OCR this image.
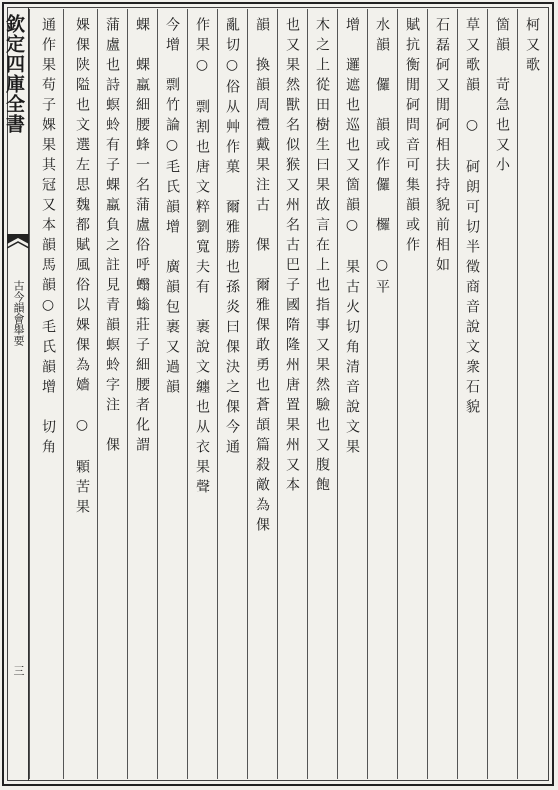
欽定四庫全書
古今韻會舉要
三
柯又歌
箇韻　苛急也又小
草又歌韻　○　砢朗可切半徵商音說文衆石貌
石磊砢又閒砢相扶持貌前相如
賦抗衡閒砢問音可集韻或作
水韻　儸　韻或作儸　欏　○平
增　邏遮也巡也又箇韻○　果古火切角清音說文果
木之上從田樹生曰果故言在上也指事又果然驗也又腹飽
也又果然獸名似猴又州名古巴子國隋隆州唐置果州又本
韻　換韻周禮戴果注古　倮　爾雅倮敢勇也蒼頡篇殺敵為倮
亂切○俗从艸作菓　爾雅勝也孫炎曰倮決之倮今通
作果○　剽割也唐文粹劉寬夫有　裹說文纏也从衣果聲
今增　剽竹論○毛氏韻增　廣韻包裹又過韻
蜾　蜾蠃細腰蜂一名蒲盧俗呼蠮螉莊子細腰者化謂
蒲盧也詩螟蛉有子蜾蠃負之註見青韻螟蛉字注　倮
婐倮陕隘也文選左思魏都賦風俗以婐倮為嬙　○　顆苦果
通作果苟子婐果其冠又本韻馬韻○毛氏韻增　切角
